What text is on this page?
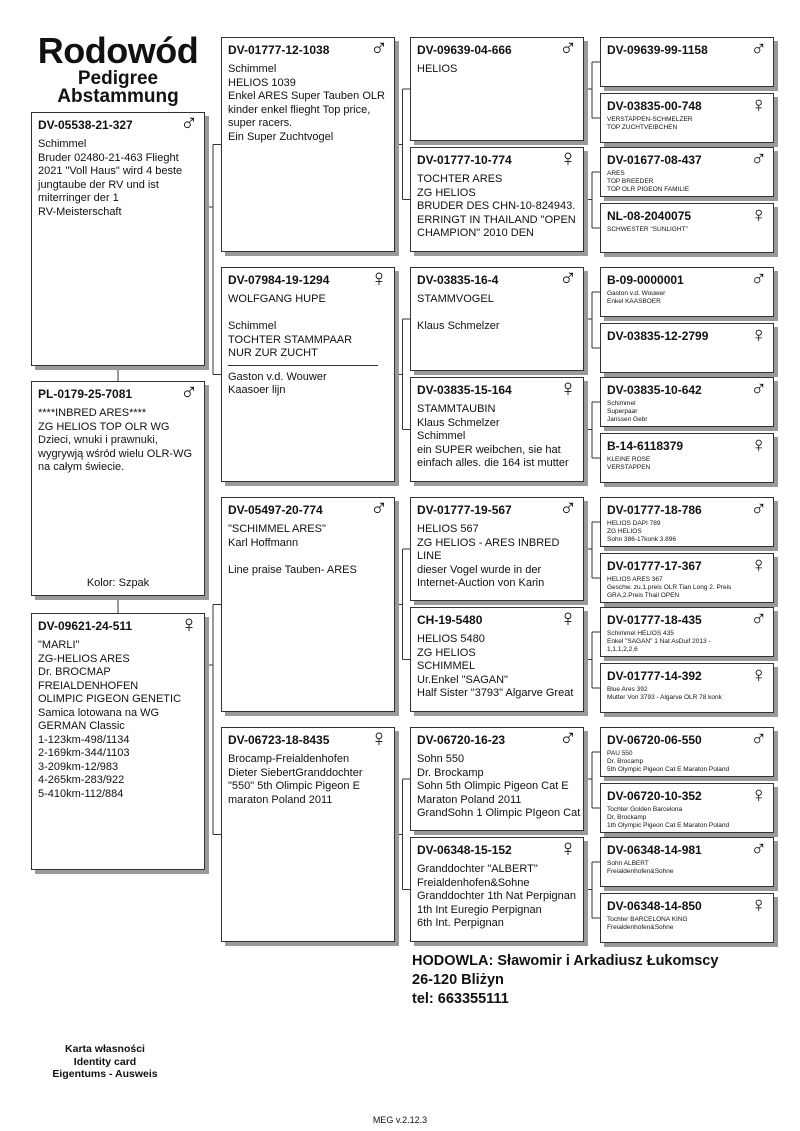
Rodowód
Pedigree
Abstammung
DV-05538-21-327	♂
Schimmel
Bruder 02480-21-463 Flieght
2021 "Voll Haus" wird 4 beste
jungtaube der RV und ist
miterringer der 1
RV-Meisterschaft
PL-0179-25-7081	♂
****INBRED ARES****
ZG HELIOS TOP OLR WG
Dzieci, wnuki i prawnuki,
wygrywją wśród wielu OLR-WG
na całym świecie.
Kolor: Szpak
DV-09621-24-511	♀
"MARLI"
ZG-HELIOS ARES
Dr. BROCMAP
FREIALDENHOFEN
OLIMPIC PIGEON GENETIC
Samica lotowana na WG
GERMAN Classic
1-123km-498/1134
2-169km-344/1103
3-209km-12/983
4-265km-283/922
5-410km-112/884
DV-01777-12-1038	♂
Schimmel
HELIOS 1039
Enkel ARES Super Tauben OLR
kinder enkel flieght Top price,
super racers.
Ein Super Zuchtvogel
DV-07984-19-1294	♀
WOLFGANG HUPE

Schimmel
TOCHTER STAMMPAAR
NUR ZUR ZUCHT
Gaston v.d. Wouwer
Kaasoer lijn
DV-05497-20-774	♂
"SCHIMMEL ARES"
Karl Hoffmann

Line praise Tauben- ARES
DV-06723-18-8435	♀
Brocamp-Freialdenhofen
Dieter SiebertGranddochter
"550" 5th Olimpic Pigeon E
maraton Poland 2011
DV-09639-04-666	♂
HELIOS
DV-01777-10-774	♀
TOCHTER ARES
ZG HELIOS
BRUDER DES CHN-10-824943.
ERRINGT IN THAILAND "OPEN
CHAMPION" 2010 DEN
DV-03835-16-4	♂
STAMMVOGEL

Klaus Schmelzer
DV-03835-15-164	♀
STAMMTAUBIN
Klaus Schmelzer
Schimmel
ein SUPER weibchen, sie hat
einfach alles. die 164 ist mutter
DV-01777-19-567	♂
HELIOS 567
ZG HELIOS - ARES INBRED
LINE
dieser Vogel wurde in der
Internet-Auction von Karin
CH-19-5480	♀
HELIOS 5480
ZG HELIOS
SCHIMMEL
Ur.Enkel "SAGAN"
Half Sister "3793" Algarve Great
DV-06720-16-23	♂
Sohn 550
Dr. Brockamp
Sohn 5th Olimpic Pigeon Cat E
Maraton Poland 2011
GrandSohn 1 Olimpic PIgeon Cat
DV-06348-15-152	♀
Granddochter "ALBERT"
Freialdenhofen&Sohne
Granddochter 1th Nat Perpignan
1th Int Euregio Perpignan
6th Int. Perpignan
DV-09639-99-1158	♂
DV-03835-00-748	♀
VERSTAPPEN-SCHMELZER
TOP ZUCHTVEIBCHEN
DV-01677-08-437	♂
ARES
TOP BREEDER
TOP OLR PIGEON FAMILIE
NL-08-2040075	♀
SCHWESTER "SUNLIGHT"
B-09-0000001	♂
Gaston v.d. Wouwer
Enkel KAASBOER
DV-03835-12-2799	♀
DV-03835-10-642	♂
Schimmel
Superpaar
Janssen Gebr
B-14-6118379	♀
KLEINE ROSE
VERSTAPPEN
DV-01777-18-786	♂
HELIOS DAPI 789
ZG HELIOS
Sohn 386-17konk 3.896
DV-01777-17-367	♀
HELIOS ARES 367
Geschw. zu.1.preis OLR Tian Long 2. Preis
GRA,2.Preis Thail OPEN
DV-01777-18-435	♂
Schimmel HELIOS 435
Enkel "SAGAN" 1 Nat AsDuif 2013 -
1,1,1,2,2,6
DV-01777-14-392	♀
Blue Ares 392
Mutter Von 3793 - Algarve OLR 78 konk
DV-06720-06-550	♂
PAU 550
Dr. Brocamp
5th Olympic Pigeon Cat E Maraton Poland
DV-06720-10-352	♀
Tochter Golden Barcelona
Dr, Brockamp
1th Olympic Pigeon Cat E Maraton Poland
DV-06348-14-981	♂
Sohn ALBERT
Freialdenhofen&Sohne
DV-06348-14-850	♀
Tochter BARCELONA KING
Freialdenhofen&Sohne
HODOWLA: Sławomir i Arkadiusz Łukomscy
26-120 Bliżyn
tel: 663355111
Karta własności
Identity card
Eigentums - Ausweis
MEG v.2.12.3
